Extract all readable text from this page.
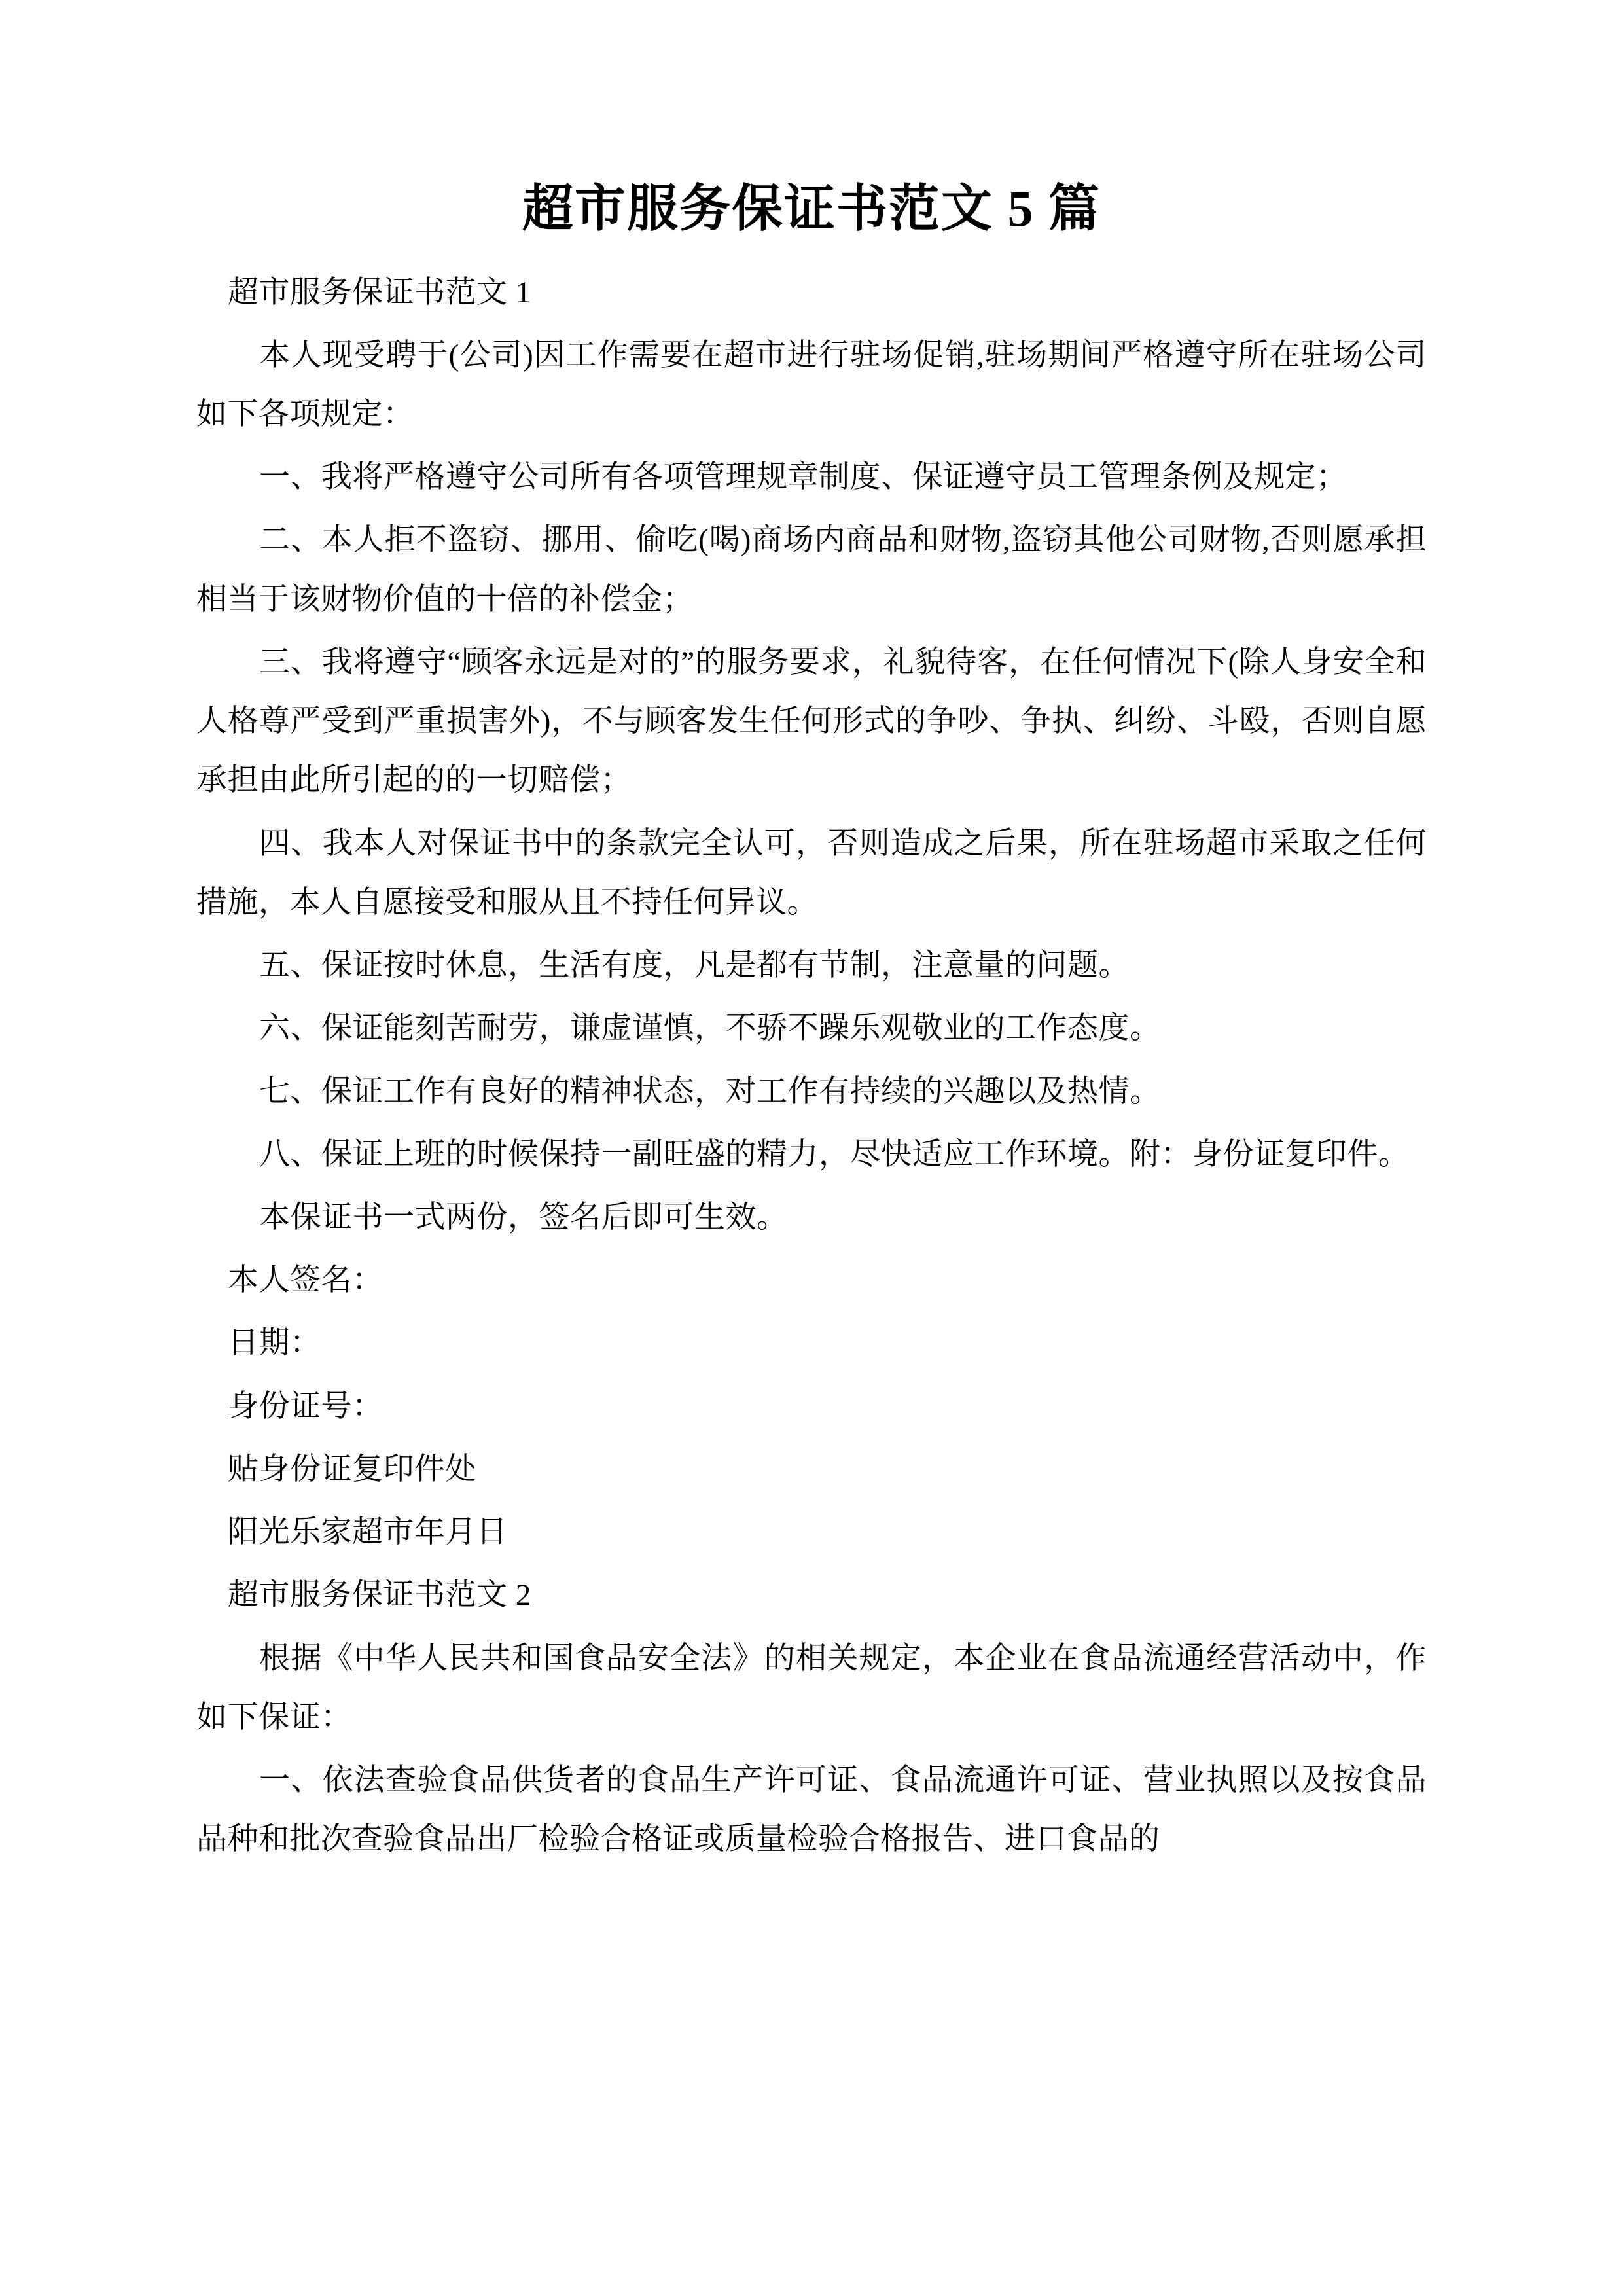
超市服务保证书范文 5 篇

超市服务保证书范文 1

本人现受聘于(公司)因工作需要在超市进行驻场促销,驻场期间严格遵守所在驻场公司如下各项规定：

一、我将严格遵守公司所有各项管理规章制度、保证遵守员工管理条例及规定；

二、本人拒不盗窃、挪用、偷吃(喝)商场内商品和财物,盗窃其他公司财物,否则愿承担相当于该财物价值的十倍的补偿金；

三、我将遵守“顾客永远是对的”的服务要求，礼貌待客，在任何情况下(除人身安全和人格尊严受到严重损害外)，不与顾客发生任何形式的争吵、争执、纠纷、斗殴，否则自愿承担由此所引起的的一切赔偿；

四、我本人对保证书中的条款完全认可，否则造成之后果，所在驻场超市采取之任何措施，本人自愿接受和服从且不持任何异议。

五、保证按时休息，生活有度，凡是都有节制，注意量的问题。

六、保证能刻苦耐劳，谦虚谨慎，不骄不躁乐观敬业的工作态度。

七、保证工作有良好的精神状态，对工作有持续的兴趣以及热情。

八、保证上班的时候保持一副旺盛的精力，尽快适应工作环境。附：身份证复印件。

本保证书一式两份，签名后即可生效。

本人签名：

日期：

身份证号：

贴身份证复印件处

阳光乐家超市年月日

超市服务保证书范文 2

根据《中华人民共和国食品安全法》的相关规定，本企业在食品流通经营活动中，作如下保证：

一、依法查验食品供货者的食品生产许可证、食品流通许可证、营业执照以及按食品品种和批次查验食品出厂检验合格证或质量检验合格报告、进口食品的
